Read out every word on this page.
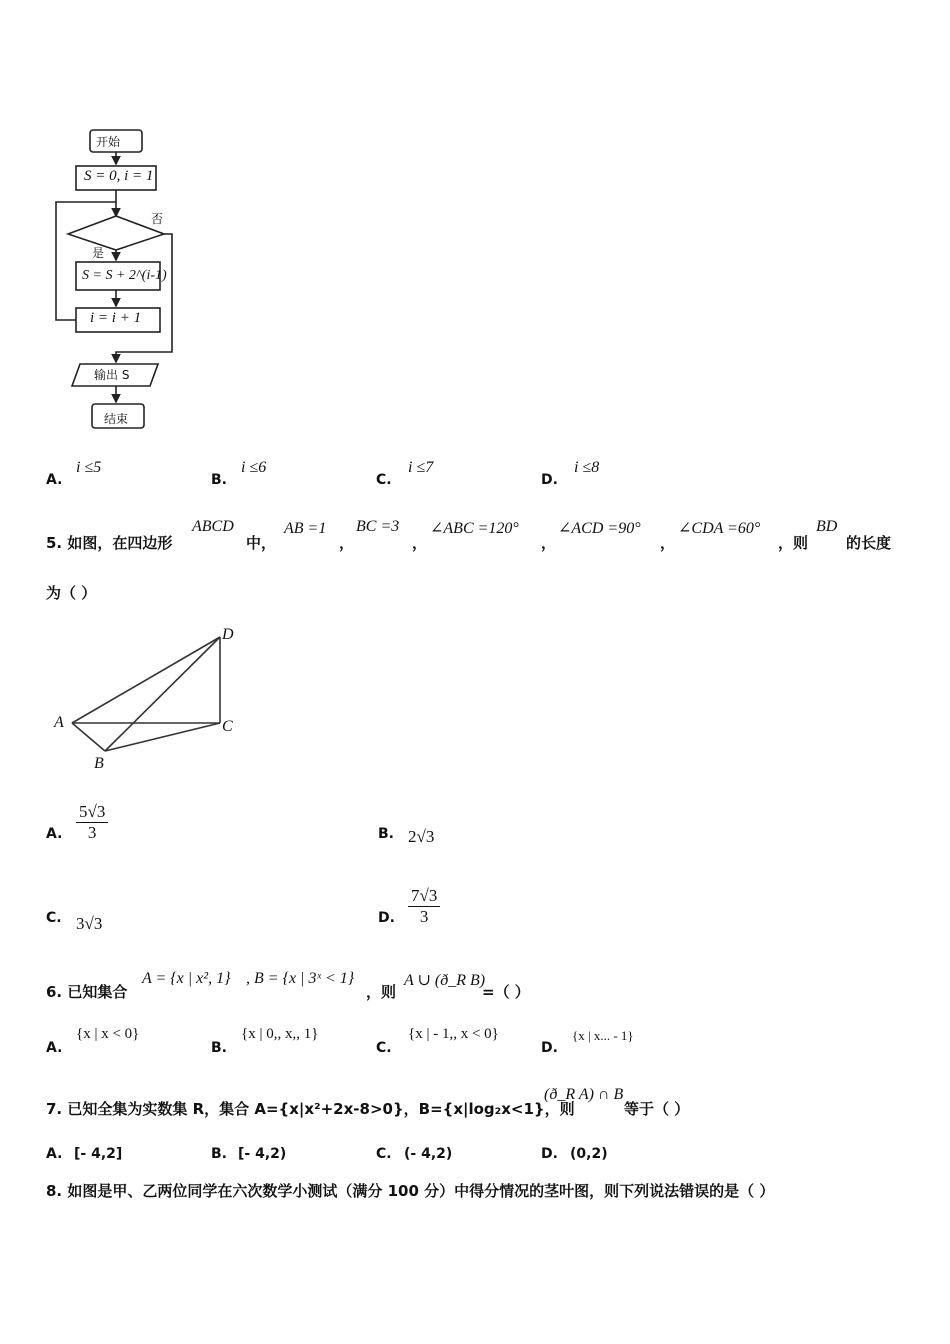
开始
S = 0, i = 1
否
是
S = S + 2^(i-1)
i = i + 1
输出 S
结束
A.
i ≤5
B.
i ≤6
C.
i ≤7
D.
i ≤8
5. 如图，在四边形
ABCD
中，
AB =1
，
BC =3
，
∠ABC =120°
，
∠ACD =90°
，
∠CDA =60°
，则
BD
的长度
为（ ）
A
B
C
D
A. $\frac{5√3}{3}$	B. 2√3
C. 3√3	D. $\frac{7√3}{3}$
6. 已知集合
A = {x | x², 1} , B = {x | 3ˣ < 1}
，则
A ∪ (ð_R B)
=（ ）
A.
{x | x < 0}
B.
{x | 0,, x,, 1}
C.
{x | - 1,, x < 0}
D.
{x | x... - 1}
7. 已知全集为实数集 R，集合 A={x|x²+2x-8>0}，B={x|log₂x<1}，则
(ð_R A) ∩ B
等于（ ）
A. [- 4,2]	B. [- 4,2)	C. (- 4,2)	D. (0,2)
8. 如图是甲、乙两位同学在六次数学小测试（满分 100 分）中得分情况的茎叶图，则下列说法错误的是（ ）
